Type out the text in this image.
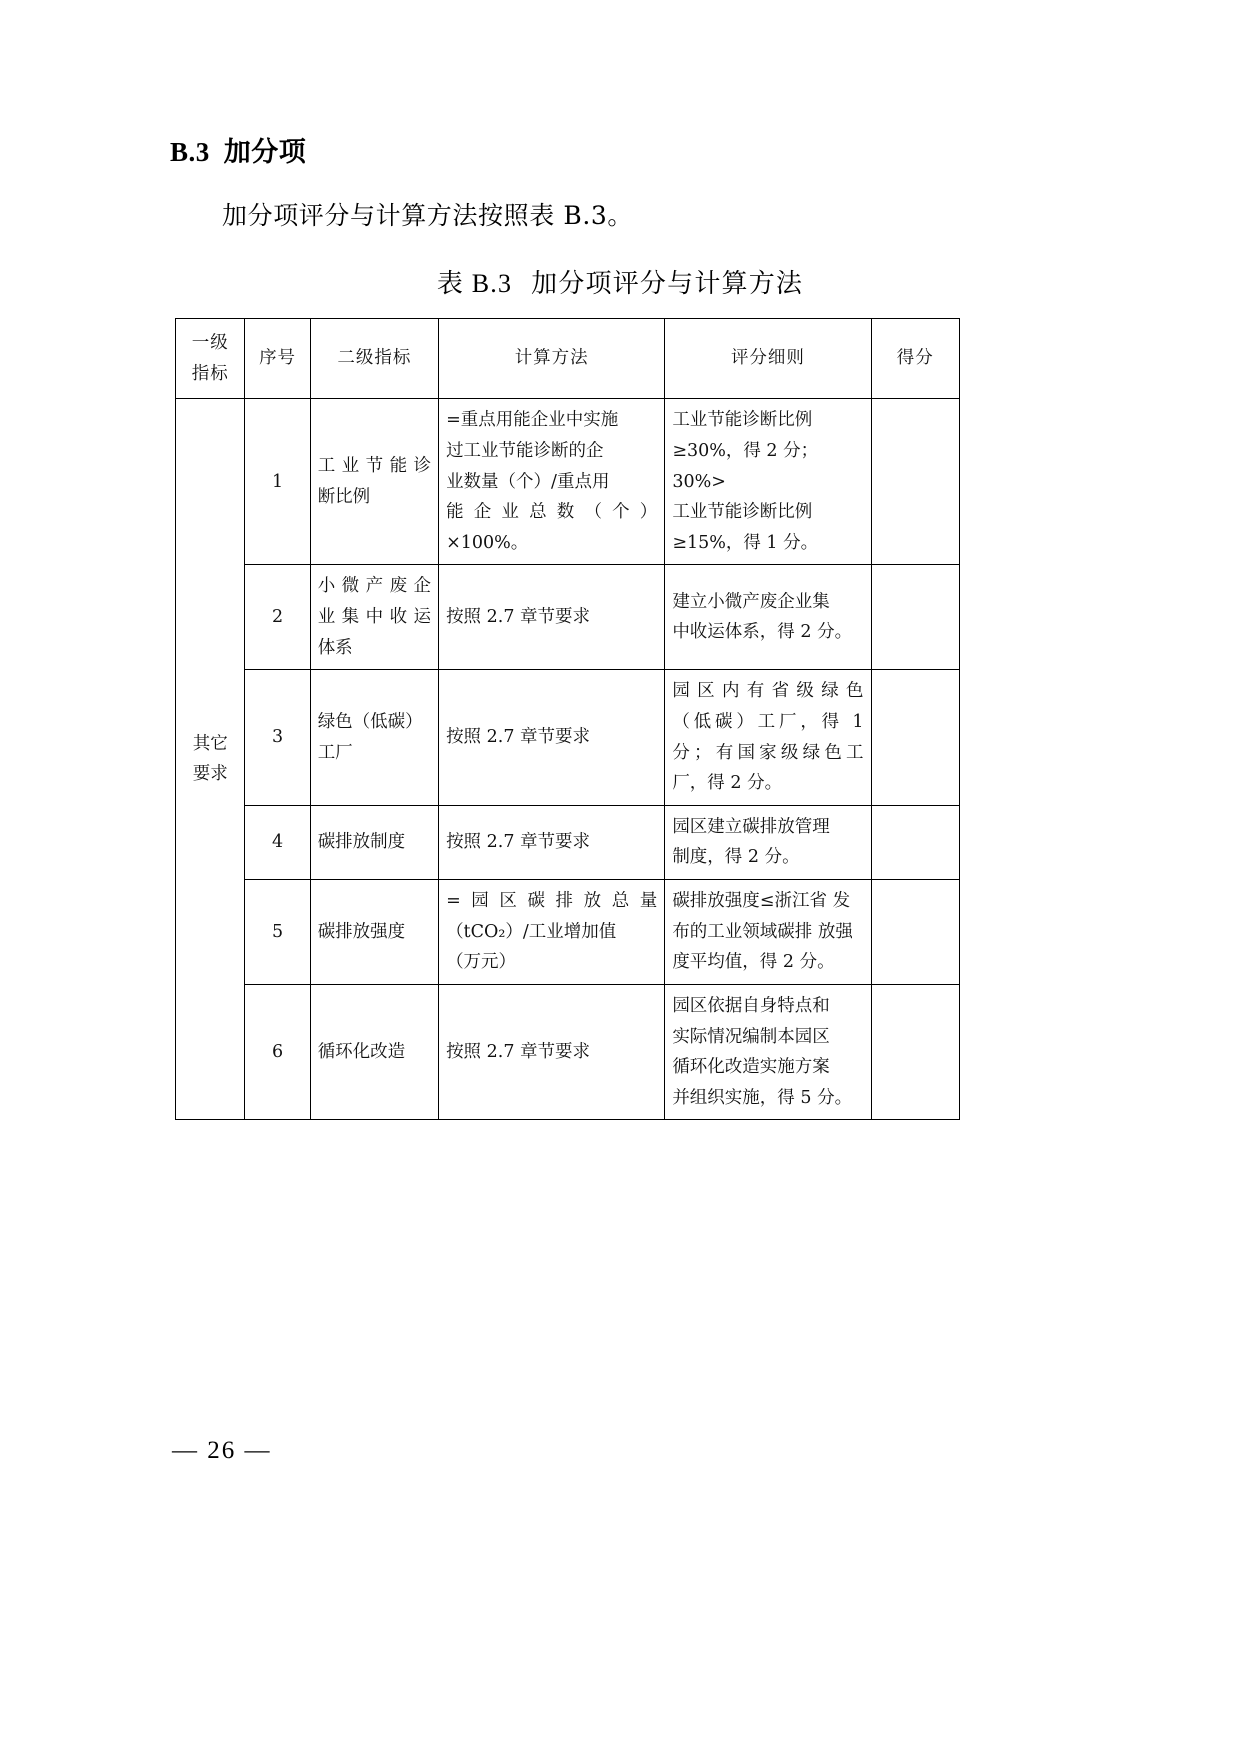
B.3 加分项
加分项评分与计算方法按照表 B.3。
表 B.3 加分项评分与计算方法
一级
指标	序号	二级指标	计算方法	评分细则	得分

其它
要求	1	工业节能诊
断比例	=重点用能企业中实施
过工业节能诊断的企
业数量（个）/重点用
能企业总数（个）
×100%。	工业节能诊断比例
≥30%，得 2 分；30%>
工业节能诊断比例
≥15%，得 1 分。	

	2	小微产废企
业集中收运
体系	按照 2.7 章节要求	建立小微产废企业集
中收运体系，得 2 分。	

	3	绿色（低碳）
工厂	按照 2.7 章节要求	园区内有省级绿色
（低碳）工厂，得 1
分；有国家级绿色工
厂，得 2 分。	

	4	碳排放制度	按照 2.7 章节要求	园区建立碳排放管理
制度，得 2 分。	

	5	碳排放强度	=园区碳排放总量
（tCO₂）/工业增加值
（万元）	碳排放强度≤浙江省 发布的工业领域碳排 放强度平均值，得 2 分。	
	6	循环化改造	按照 2.7 章节要求	园区依据自身特点和
实际情况编制本园区
循环化改造实施方案
并组织实施，得 5 分。	

— 26 —
